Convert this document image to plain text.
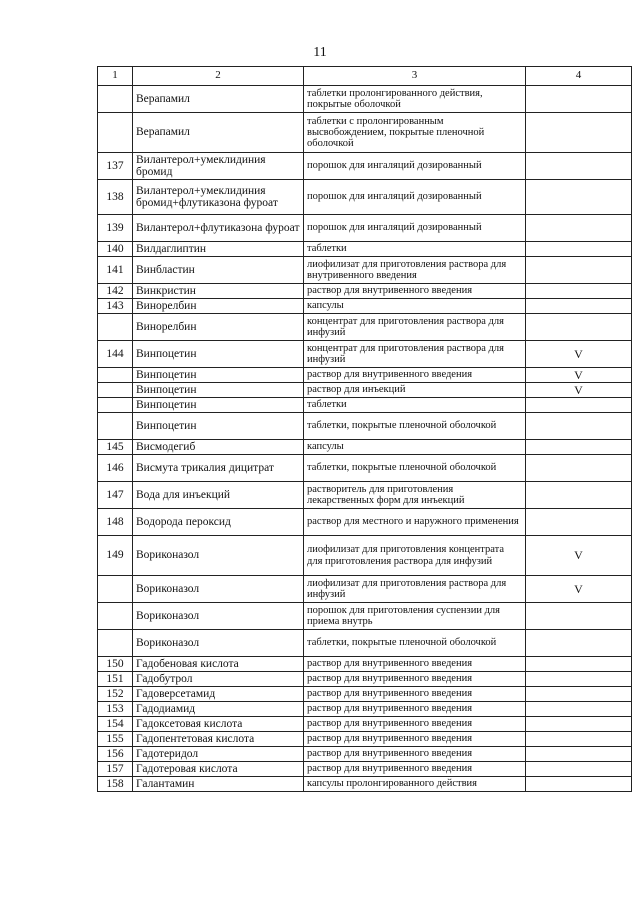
11
1	2	3	4
	Верапамил	таблетки пролонгированного действия, покрытые оболочкой	
	Верапамил	таблетки с пролонгированным высвобождением, покрытые пленочной оболочкой	
137	Вилантерол+умеклидиния бромид	порошок для ингаляций дозированный	
138	Вилантерол+умеклидиния бромид+флутиказона фуроат	порошок для ингаляций дозированный	
139	Вилантерол+флутиказона фуроат	порошок для ингаляций дозированный	
140	Вилдаглиптин	таблетки	
141	Винбластин	лиофилизат для приготовления раствора для внутривенного введения	
142	Винкристин	раствор для внутривенного введения	
143	Винорелбин	капсулы	
	Винорелбин	концентрат для приготовления раствора для инфузий	
144	Винпоцетин	концентрат для приготовления раствора для инфузий	V
	Винпоцетин	раствор для внутривенного введения	V
	Винпоцетин	раствор для инъекций	V
	Винпоцетин	таблетки	
	Винпоцетин	таблетки, покрытые пленочной оболочкой	
145	Висмодегиб	капсулы	
146	Висмута трикалия дицитрат	таблетки, покрытые пленочной оболочкой	
147	Вода для инъекций	растворитель для приготовления лекарственных форм для инъекций	
148	Водорода пероксид	раствор для местного и наружного применения	
149	Вориконазол	лиофилизат для приготовления концентрата для приготовления раствора для инфузий	V
	Вориконазол	лиофилизат для приготовления раствора для инфузий	V
	Вориконазол	порошок для приготовления суспензии для приема внутрь	
	Вориконазол	таблетки, покрытые пленочной оболочкой	
150	Гадобеновая кислота	раствор для внутривенного введения	
151	Гадобутрол	раствор для внутривенного введения	
152	Гадоверсетамид	раствор для внутривенного введения	
153	Гадодиамид	раствор для внутривенного введения	
154	Гадоксетовая кислота	раствор для внутривенного введения	
155	Гадопентетовая кислота	раствор для внутривенного введения	
156	Гадотеридол	раствор для внутривенного введения	
157	Гадотеровая кислота	раствор для внутривенного введения	
158	Галантамин	капсулы пролонгированного действия	
